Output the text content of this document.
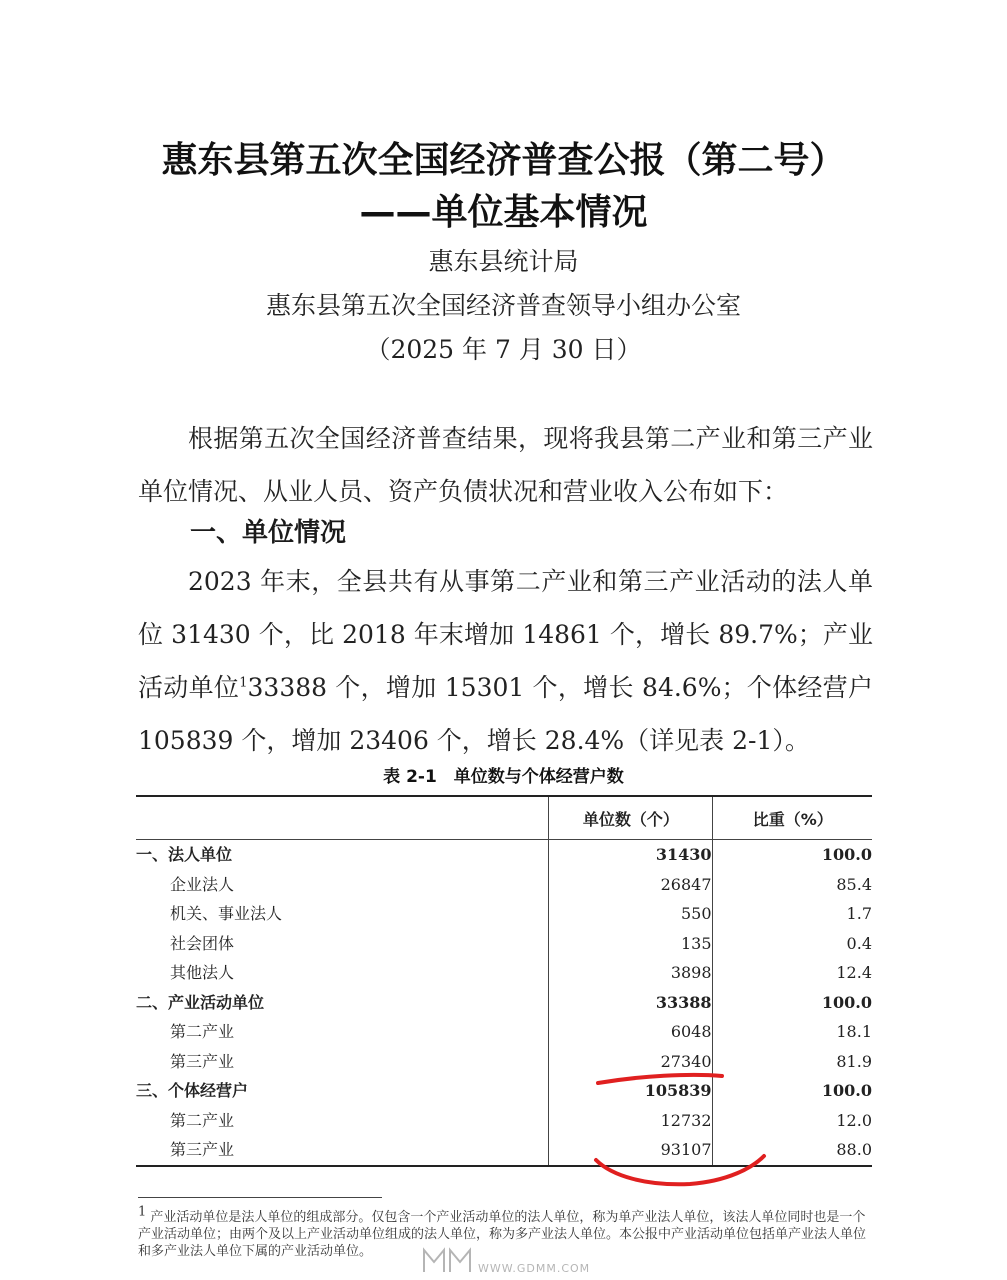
惠东县第五次全国经济普查公报（第二号）
——单位基本情况
惠东县统计局
惠东县第五次全国经济普查领导小组办公室
（2025 年 7 月 30 日）
根据第五次全国经济普查结果，现将我县第二产业和第三产业单位情况、从业人员、资产负债状况和营业收入公布如下：
一、单位情况
2023 年末，全县共有从事第二产业和第三产业活动的法人单位 31430 个，比 2018 年末增加 14861 个，增长 89.7%；产业活动单位$^1$33388 个，增加 15301 个，增长 84.6%；个体经营户 105839 个，增加 23406 个，增长 28.4%（详见表 2-1）。
表 2-1　单位数与个体经营户数
	单位数（个）	比重（%）
一、法人单位	31430	100.0
企业法人	26847	85.4
机关、事业法人	550	1.7
社会团体	135	0.4
其他法人	3898	12.4
二、产业活动单位	33388	100.0
第二产业	6048	18.1
第三产业	27340	81.9
三、个体经营户	105839	100.0
第二产业	12732	12.0
第三产业	93107	88.0
$^1$ 产业活动单位是法人单位的组成部分。仅包含一个产业活动单位的法人单位，称为单产业法人单位，该法人单位同时也是一个产业活动单位；由两个及以上产业活动单位组成的法人单位，称为多产业法人单位。本公报中产业活动单位包括单产业法人单位和多产业法人单位下属的产业活动单位。
WWW.GDMM.COM
